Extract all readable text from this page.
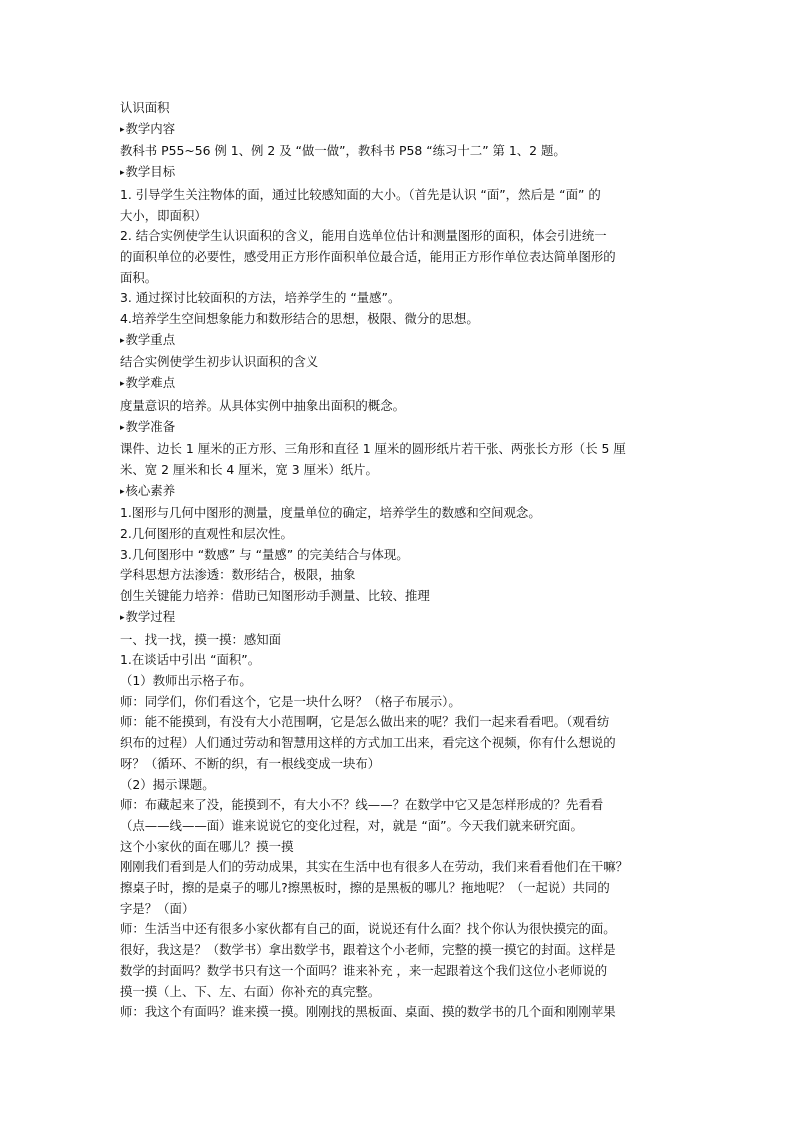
认识面积
▸ 教学内容
教科书 P55~56 例 1、例 2 及 “做一做”，教科书 P58 “练习十二” 第 1、2 题。
▸ 教学目标
1. 引导学生关注物体的面，通过比较感知面的大小。（首先是认识 “面”，然后是 “面” 的
大小，即面积）
2. 结合实例使学生认识面积的含义，能用自选单位估计和测量图形的面积，体会引进统一
的面积单位的必要性，感受用正方形作面积单位最合适，能用正方形作单位表达简单图形的
面积。
3. 通过探讨比较面积的方法，培养学生的 “量感”。
4.培养学生空间想象能力和数形结合的思想，极限、微分的思想。
▸ 教学重点
结合实例使学生初步认识面积的含义
▸ 教学难点
度量意识的培养。从具体实例中抽象出面积的概念。
▸ 教学准备
课件、边长 1 厘米的正方形、三角形和直径 1 厘米的圆形纸片若干张、两张长方形（长 5 厘
米、宽 2 厘米和长 4 厘米，宽 3 厘米）纸片。
▸ 核心素养
1.图形与几何中图形的测量，度量单位的确定，培养学生的数感和空间观念。
2.几何图形的直观性和层次性。
3.几何图形中 “数感” 与 “量感” 的完美结合与体现。
学科思想方法渗透：数形结合，极限，抽象
创生关键能力培养：借助已知图形动手测量、比较、推理
▸ 教学过程
一、找一找，摸一摸：感知面
1.在谈话中引出 “面积”。
（1）教师出示格子布。
师：同学们，你们看这个，它是一块什么呀？（格子布展示）。
师：能不能摸到，有没有大小范围啊，它是怎么做出来的呢？我们一起来看看吧。（观看纺
织布的过程）人们通过劳动和智慧用这样的方式加工出来，看完这个视频，你有什么想说的
呀？（循环、不断的织，有一根线变成一块布）
（2）揭示课题。
师：布藏起来了没，能摸到不，有大小不？线——？在数学中它又是怎样形成的？先看看
（点——线——面）谁来说说它的变化过程，对，就是 “面”。今天我们就来研究面。
这个小家伙的面在哪儿？摸一摸
刚刚我们看到是人们的劳动成果，其实在生活中也有很多人在劳动，我们来看看他们在干嘛？
擦桌子时，擦的是桌子的哪儿?擦黑板时，擦的是黑板的哪儿？拖地呢？（一起说）共同的
字是？（面）
师：生活当中还有很多小家伙都有自己的面，说说还有什么面？找个你认为很快摸完的面。
很好，我这是？（数学书）拿出数学书，跟着这个小老师，完整的摸一摸它的封面。这样是
数学的封面吗？数学书只有这一个面吗？谁来补充 ，来一起跟着这个我们这位小老师说的
摸一摸（上、下、左、右面）你补充的真完整。
师：我这个有面吗？谁来摸一摸。刚刚找的黑板面、桌面、摸的数学书的几个面和刚刚苹果
